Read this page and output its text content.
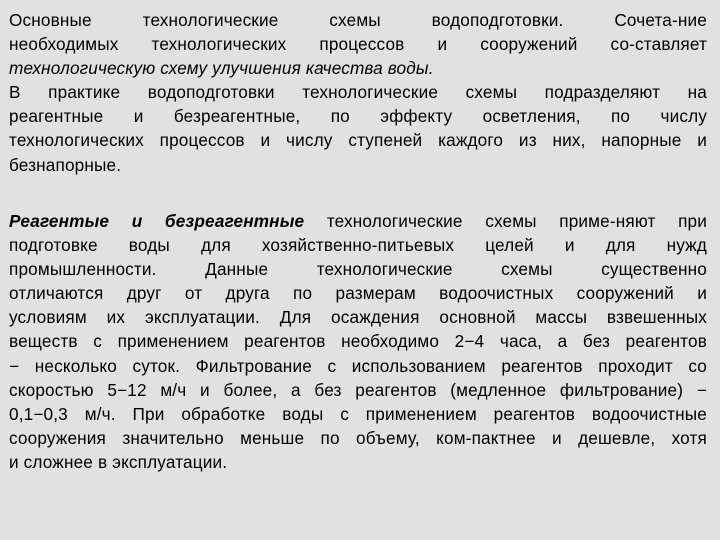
Основные технологические схемы водоподготовки. Сочета-ние
необходимых технологических процессов и сооружений со-ставляет
технологическую схему улучшения качества воды.
В практике водоподготовки технологические схемы подразделяют на
реагентные и безреагентные, по эффекту осветления, по числу
технологических процессов и числу ступеней каждого из них, напорные и
безнапорные.
Реагентые и безреагентные технологические схемы приме-няют при
подготовке воды для хозяйственно-питьевых целей и для нужд
промышленности. Данные технологические схемы существенно
отличаются друг от друга по размерам водоочистных сооружений и
условиям их эксплуатации. Для осаждения основной массы взвешенных
веществ с применением реагентов необходимо 2−4 часа, а без реагентов
− несколько суток. Фильтрование с использованием реагентов проходит со
скоростью 5−12 м/ч и более, а без реагентов (медленное фильтрование) −
0,1−0,3 м/ч. При обработке воды с применением реагентов водоочистные
сооружения значительно меньше по объему, ком-пактнее и дешевле, хотя
и сложнее в эксплуатации.
